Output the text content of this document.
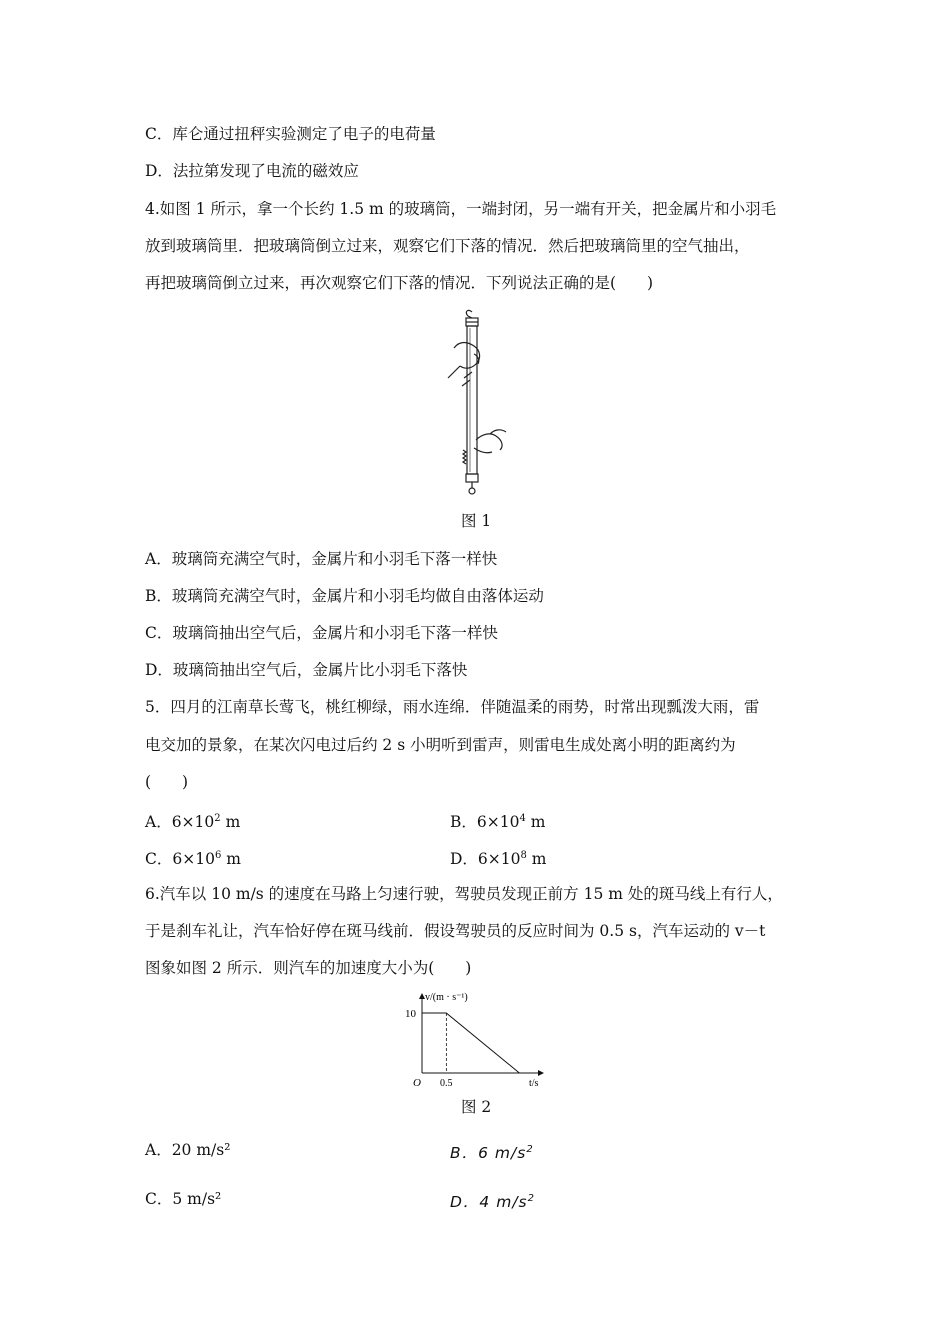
C．库仑通过扭秤实验测定了电子的电荷量
D．法拉第发现了电流的磁效应
4.如图 1 所示，拿一个长约 1.5 m 的玻璃筒，一端封闭，另一端有开关，把金属片和小羽毛
放到玻璃筒里．把玻璃筒倒立过来，观察它们下落的情况．然后把玻璃筒里的空气抽出，
再把玻璃筒倒立过来，再次观察它们下落的情况．下列说法正确的是(　　)
图 1
A．玻璃筒充满空气时，金属片和小羽毛下落一样快
B．玻璃筒充满空气时，金属片和小羽毛均做自由落体运动
C．玻璃筒抽出空气后，金属片和小羽毛下落一样快
D．玻璃筒抽出空气后，金属片比小羽毛下落快
5．四月的江南草长莺飞，桃红柳绿，雨水连绵．伴随温柔的雨势，时常出现瓢泼大雨，雷
电交加的景象，在某次闪电过后约 2 s 小明听到雷声，则雷电生成处离小明的距离约为
(　　)
A．$6\times 10^2$ m	B．$6\times 10^4$ m
C．$6\times 10^6$ m	D．$6\times 10^8$ m
6.汽车以 10 m/s 的速度在马路上匀速行驶，驾驶员发现正前方 15 m 处的斑马线上有行人，
于是刹车礼让，汽车恰好停在斑马线前．假设驾驶员的反应时间为 0.5 s，汽车运动的 v－t
图象如图 2 所示．则汽车的加速度大小为(　　)
v/(m · s⁻¹)
t/s
O
10
0.5
图 2
A．20 m/s²	B．6 $m/s^2$
C．5 m/s²	D．4 $m/s^2$
